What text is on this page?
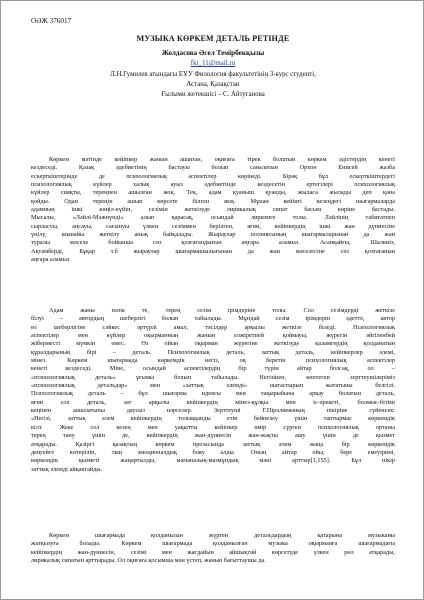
ОӘЖ 376017
МУЗЫКА КӨРКЕМ ДЕТАЛЬ РЕТІНДЕ
Жолдасова Әсел Темірбекқызы
fkt_11@mail.ru
Л.Н.Гумилев атындағы ЕҰУ Филология факультетінің 3-курс студенті,
Астана, Қазақстан
Ғылыми жетекшісі – С. Айтуғанова
Көркем мәтінде кейіпкер жанын ашатын, оқиғаға тірек болатын көркем әдістердің кенеті
кездеседі. Қазақ әдебиетінің бастауы болып саналатын Орхон Енисей жазба
ескерткіштерінде де психологиялық аспектілер көрінеді. Бірақ бұл ескерткіштердегі
психологиялық күйлер халық ауыз әдебиетінде кездесетін ертегілері психологиялық
күйлер сияқты, тереңнен ашылған жоқ. Тек, адам қуаныш қуанды, жыласа жылады деп қана
қойды. Одан тереңін ашып көрсете білген жоқ. Мұнан кейінгі кезеңдегі шығармаларда
адамның ішкі көңіл-күйін, сезімін жеткізуде лирикалық сипат басым көріне бастады.
Мысалы, «Ләйлі-Мәжнүнді» алып қарасақ, осындай лиризмге толы. Ләйлінің табиғатпен
сырласуы, аңсауы, сағынуы үлкен сезіммен берілген, яғни, кейіпкердің ішкі жан дүниесіне
үңілу, шынайы жеткізу анық байқалады. Жыраулар поэзиясының шығармаларынан да жан
туралы мәселе бойынша сөз қозғағандығын аңғара аламыз. Асанқайғы, Шалкиіз,
Ақтамберді, Бұқар т.б жыраулар шығармашылығынан да жан мәселесіне сөз қозғағанын
аңғара аламыз.
Адам жаны нәзік те, терең сезім ірімдеріне толы. Сол сезімдерді жеткізе
білуі – автордың шеберлігі болып табылады. Мұндай сезім ірімдерін әдетте, автор
өз шеберлігіне сәйкес әртүрлі амал, тәсілдер арқылы жеткізе біледі. Психологиялық
аспектілер мен күйлер оқырманның жанын елжіретпей қоймауы, жүрегін әйгіленбей
жіберместі мүмкін емес. Өз ойын оқырман жүрегіне жеткізуде қаламгердің қолданатын
құралдарының бірі – деталь. Психологиялық деталь, заттық деталь, кейіпкерлер әлемі,
мінез. Көркем шығармада көркемдік негіз, оқ беретін психологиялық аспектілер
кенеті кездеседі. Міне, осындай аспектілердің бір түрін айтар болсақ, ол –
«психологиялық деталь» ұғымы болып табылады. Негізінен, көптеген зерттеушілеріміз
«психологиялық детальдар» мен «заттық әлемді» шатастырып жататыны белгілі.
Психологиялық деталь – бұл шығарма идеясы мен тақырыбына арқау болатын деталь,
яғни сол деталь, зат арқылы кейіпкердің мінез-құлқы мен іс-әрекеті, болмыс-бітімі
кеңінен ашылатыны даусыз нәрселер. Зерттеуші Г.Пірәлиеваның пікіріне сүйенсек:
«Негізі, заттық әлем кейіпкердің толыққанды етін бейнелеу үшін таптырмас көркемдік
кілт. Жеке сол кезең мен уақытты кейіпкер өмір сүрген психологиялық ортаны
терең тану үшін де, кейіпкердің жан-дүниесін жан-жақты ашу үшін де қызмет
атқарады. Қазіргі қазақтың көркем прозасында заттық әлем жаңа бір көркемдік
деңгейге көтеріліп, тың эмоционалдық бояу алды. Оның айтар ойы, бере емеуірині,
көркемдік қызметі жаңартылды, мағыналық-мазмұндық мәні арттыр[1,155]. Бұл пікір
заттық әлемді айқактайды.
Көркем шығармада қолданылан жүрген детальдардың қатарына музыканы
жатқызуға болады. Көркем шығармада қолданылған музыка оқырманға шығармадағы
кейіпкердің жан-дүниесін, сезімі мен жағдайын айшықтай көрсетуде үлкен рөл атқарады,
лирикалық сипатын арттырады. Ол оқиғаға қосымша мән үстеп, жанын бағыттаушы да.
